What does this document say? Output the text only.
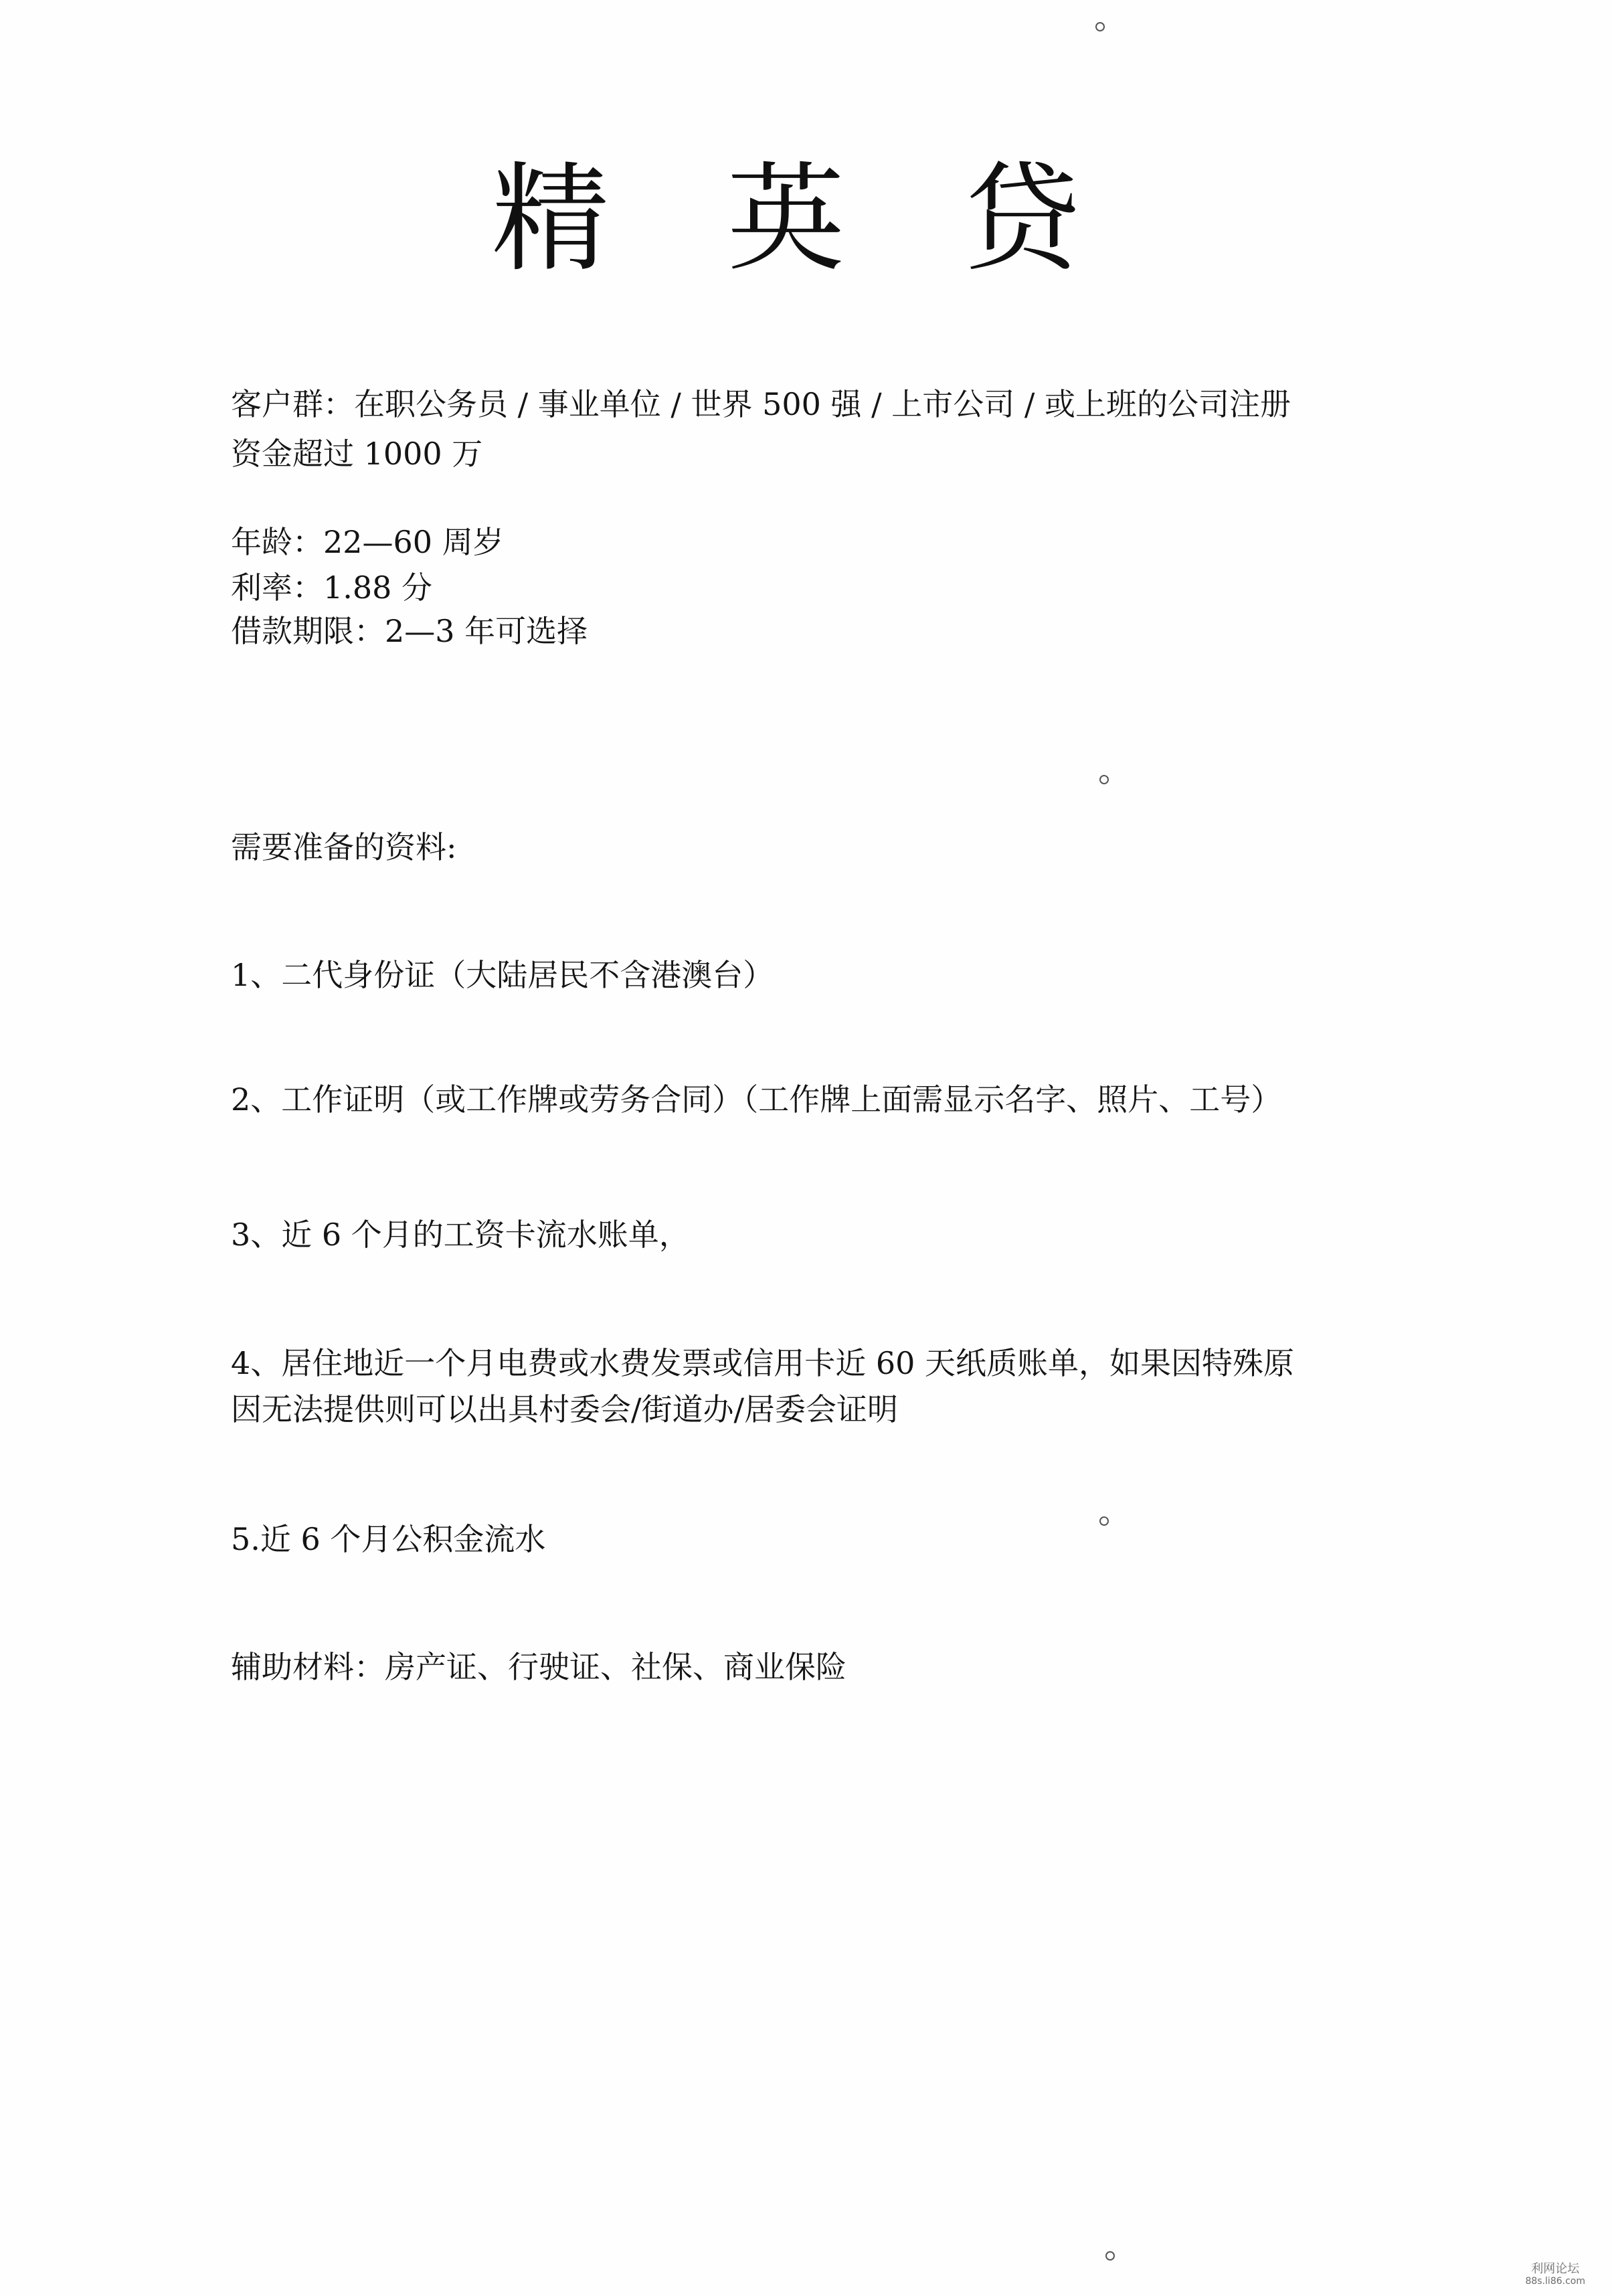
精 英 贷
客户群：在职公务员 / 事业单位 / 世界 500 强 / 上市公司 / 或上班的公司注册
资金超过 1000 万
年龄：22—60 周岁
利率：1.88 分
借款期限：2—3 年可选择
需要准备的资料:
1、二代身份证（大陆居民不含港澳台）
2、工作证明（或工作牌或劳务合同）（工作牌上面需显示名字、照片、工号）
3、近 6 个月的工资卡流水账单，
4、居住地近一个月电费或水费发票或信用卡近 60 天纸质账单，如果因特殊原
因无法提供则可以出具村委会/街道办/居委会证明
5.近 6 个月公积金流水
辅助材料：房产证、行驶证、社保、商业保险
利网论坛
88s.li86.com
